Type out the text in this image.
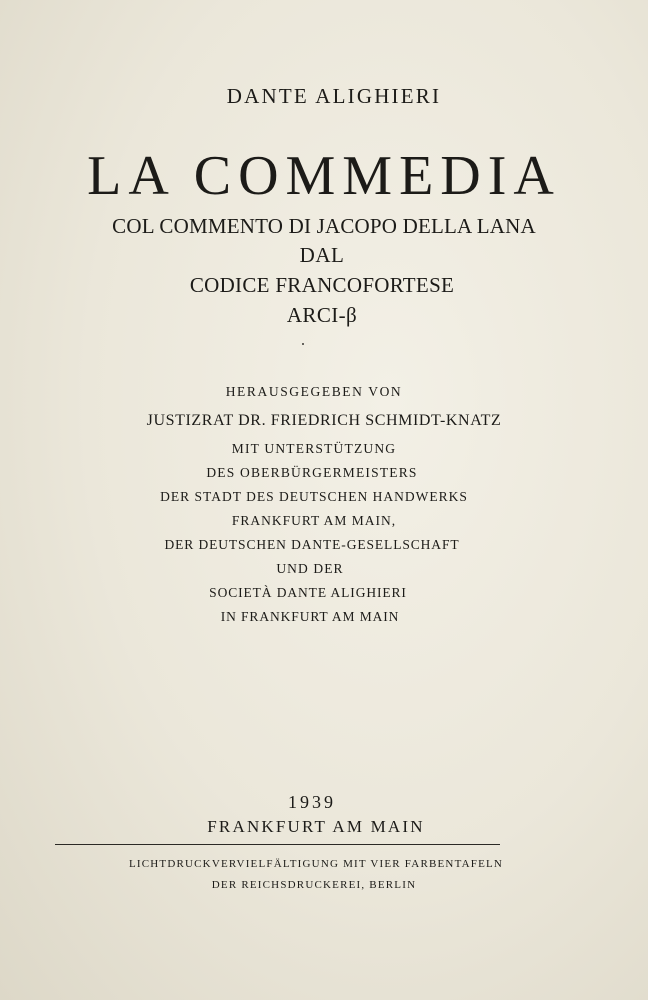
DANTE ALIGHIERI
LA COMMEDIA
COL COMMENTO DI JACOPO DELLA LANA
DAL
CODICE FRANCOFORTESE
ARCI-β
HERAUSGEGEBEN VON
JUSTIZRAT DR. FRIEDRICH SCHMIDT-KNATZ
MIT UNTERSTÜTZUNG
DES OBERBÜRGERMEISTERS
DER STADT DES DEUTSCHEN HANDWERKS
FRANKFURT AM MAIN,
DER DEUTSCHEN DANTE-GESELLSCHAFT
UND DER
SOCIETÀ DANTE ALIGHIERI
IN FRANKFURT AM MAIN
1939
FRANKFURT AM MAIN
LICHTDRUCKVERVIELFÄLTIGUNG MIT VIER FARBENTAFELN
DER REICHSDRUCKEREI, BERLIN
